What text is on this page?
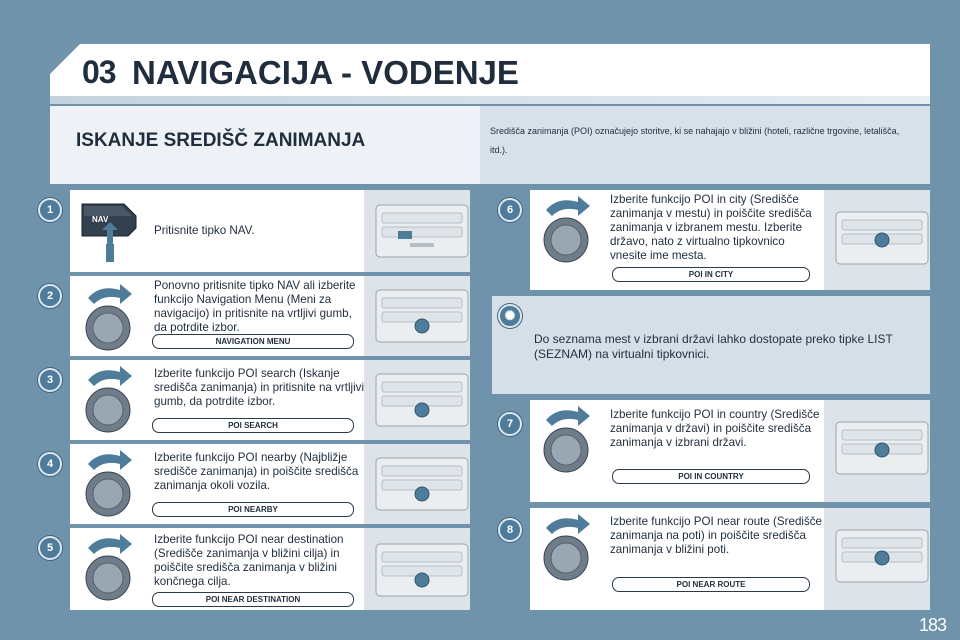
03 NAVIGACIJA - VODENJE
ISKANJE SREDIŠČ ZANIMANJA	Središča zanimanja (POI) označujejo storitve, ki se nahajajo v bližini (hoteli, različne trgovine, letališča, itd.).
1
NAV
Pritisnite tipko NAV.
2
Ponovno pritisnite tipko NAV ali izberite funkcijo Navigation Menu (Meni za navigacijo) in pritisnite na vrtljivi gumb, da potrdite izbor.
NAVIGATION MENU
3	Izberite funkcijo POI search (Iskanje središča zanimanja) in pritisnite na vrtljivi gumb, da potrdite izbor.
POI SEARCH
4	Izberite funkcijo POI nearby (Najbližje središče zanimanja) in poiščite središča zanimanja okoli vozila.
POI NEARBY
5
Izberite funkcijo POI near destination (Središče zanimanja v bližini cilja) in poiščite središča zanimanja v bližini končnega cilja.
POI NEAR DESTINATION
6
Izberite funkcijo POI in city (Središče zanimanja v mestu) in poiščite središča zanimanja v izbranem mestu. Izberite državo, nato z virtualno tipkovnico vnesite ime mesta.
POI IN CITY
✺
Do seznama mest v izbrani državi lahko dostopate preko tipke LIST (SEZNAM) na virtualni tipkovnici.
7
Izberite funkcijo POI in country (Središče zanimanja v državi) in poiščite središča zanimanja v izbrani državi.
POI IN COUNTRY
8
Izberite funkcijo POI near route (Središče zanimanja na poti) in poiščite središča zanimanja v bližini poti.
POI NEAR ROUTE
183
